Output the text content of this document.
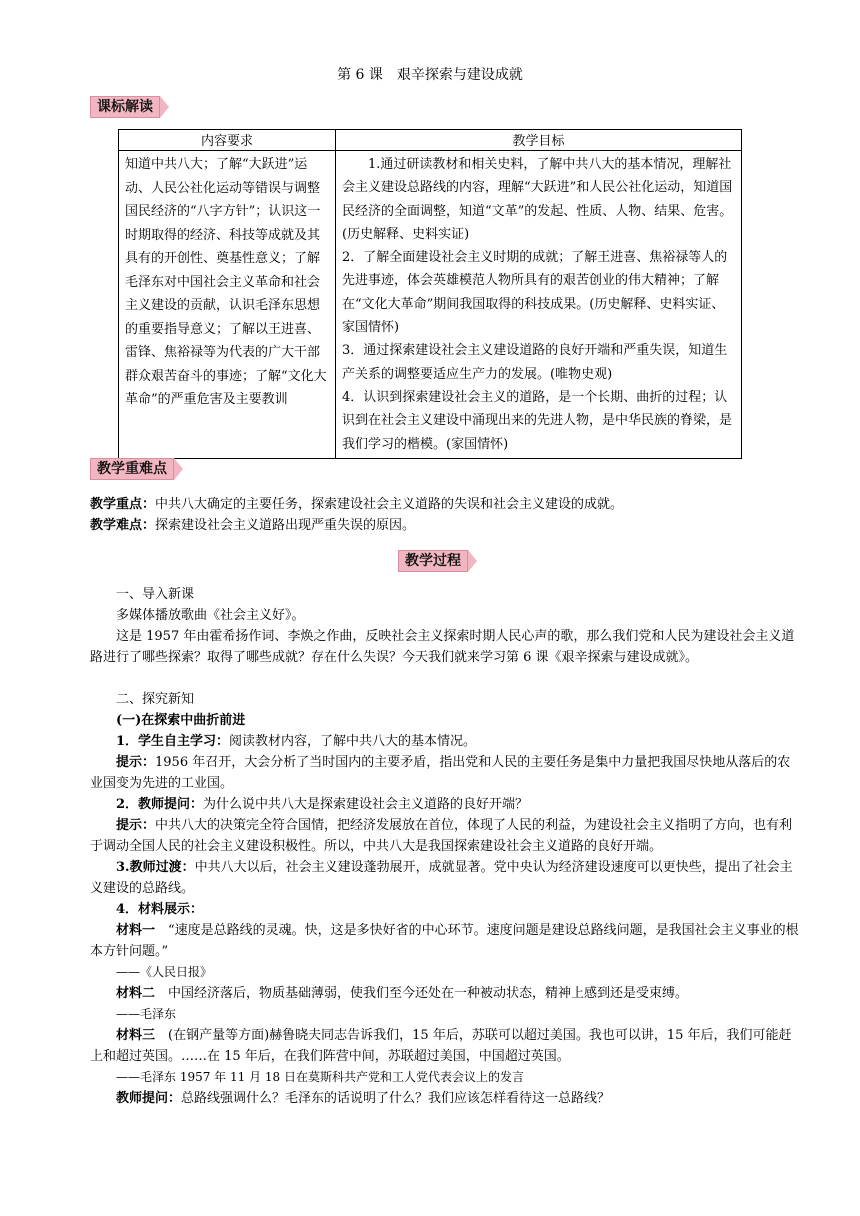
第 6 课　艰辛探索与建设成就
课标解读
内容要求	教学目标
知道中共八大；了解“大跃进”运动、人民公社化运动等错误与调整国民经济的“八字方针”；认识这一时期取得的经济、科技等成就及其具有的开创性、奠基性意义；了解毛泽东对中国社会主义革命和社会主义建设的贡献，认识毛泽东思想的重要指导意义；了解以王进喜、雷锋、焦裕禄等为代表的广大干部群众艰苦奋斗的事迹；了解“文化大革命”的严重危害及主要教训	1.通过研读教材和相关史料，了解中共八大的基本情况，理解社会主义建设总路线的内容，理解“大跃进”和人民公社化运动，知道国民经济的全面调整，知道“文革”的发起、性质、人物、结果、危害。(历史解释、史料实证)
2．了解全面建设社会主义时期的成就；了解王进喜、焦裕禄等人的先进事迹，体会英雄模范人物所具有的艰苦创业的伟大精神；了解在“文化大革命”期间我国取得的科技成果。(历史解释、史料实证、家国情怀)
3．通过探索建设社会主义建设道路的良好开端和严重失误，知道生产关系的调整要适应生产力的发展。(唯物史观)
4．认识到探索建设社会主义的道路，是一个长期、曲折的过程；认识到在社会主义建设中涌现出来的先进人物，是中华民族的脊梁，是我们学习的楷模。(家国情怀)
教学重难点
教学重点：中共八大确定的主要任务，探索建设社会主义道路的失误和社会主义建设的成就。
教学难点：探索建设社会主义道路出现严重失误的原因。
教学过程
一、导入新课
多媒体播放歌曲《社会主义好》。
这是 1957 年由霍希扬作词、李焕之作曲，反映社会主义探索时期人民心声的歌，那么我们党和人民为建设社会主义道路进行了哪些探索？取得了哪些成就？存在什么失误？今天我们就来学习第 6 课《艰辛探索与建设成就》。
二、探究新知
(一)在探索中曲折前进
1．学生自主学习：阅读教材内容，了解中共八大的基本情况。
提示：1956 年召开，大会分析了当时国内的主要矛盾，指出党和人民的主要任务是集中力量把我国尽快地从落后的农业国变为先进的工业国。
2．教师提问：为什么说中共八大是探索建设社会主义道路的良好开端？
提示：中共八大的决策完全符合国情，把经济发展放在首位，体现了人民的利益，为建设社会主义指明了方向，也有利于调动全国人民的社会主义建设积极性。所以，中共八大是我国探索建设社会主义道路的良好开端。
3.教师过渡：中共八大以后，社会主义建设蓬勃展开，成就显著。党中央认为经济建设速度可以更快些，提出了社会主义建设的总路线。
4．材料展示：
材料一　“速度是总路线的灵魂。快，这是多快好省的中心环节。速度问题是建设总路线问题，是我国社会主义事业的根本方针问题。”
——《人民日报》
材料二　中国经济落后，物质基础薄弱，使我们至今还处在一种被动状态，精神上感到还是受束缚。
——毛泽东
材料三　(在钢产量等方面)赫鲁晓夫同志告诉我们，15 年后，苏联可以超过美国。我也可以讲，15 年后，我们可能赶上和超过英国。……在 15 年后，在我们阵营中间，苏联超过美国，中国超过英国。
——毛泽东 1957 年 11 月 18 日在莫斯科共产党和工人党代表会议上的发言
教师提问：总路线强调什么？毛泽东的话说明了什么？我们应该怎样看待这一总路线？
